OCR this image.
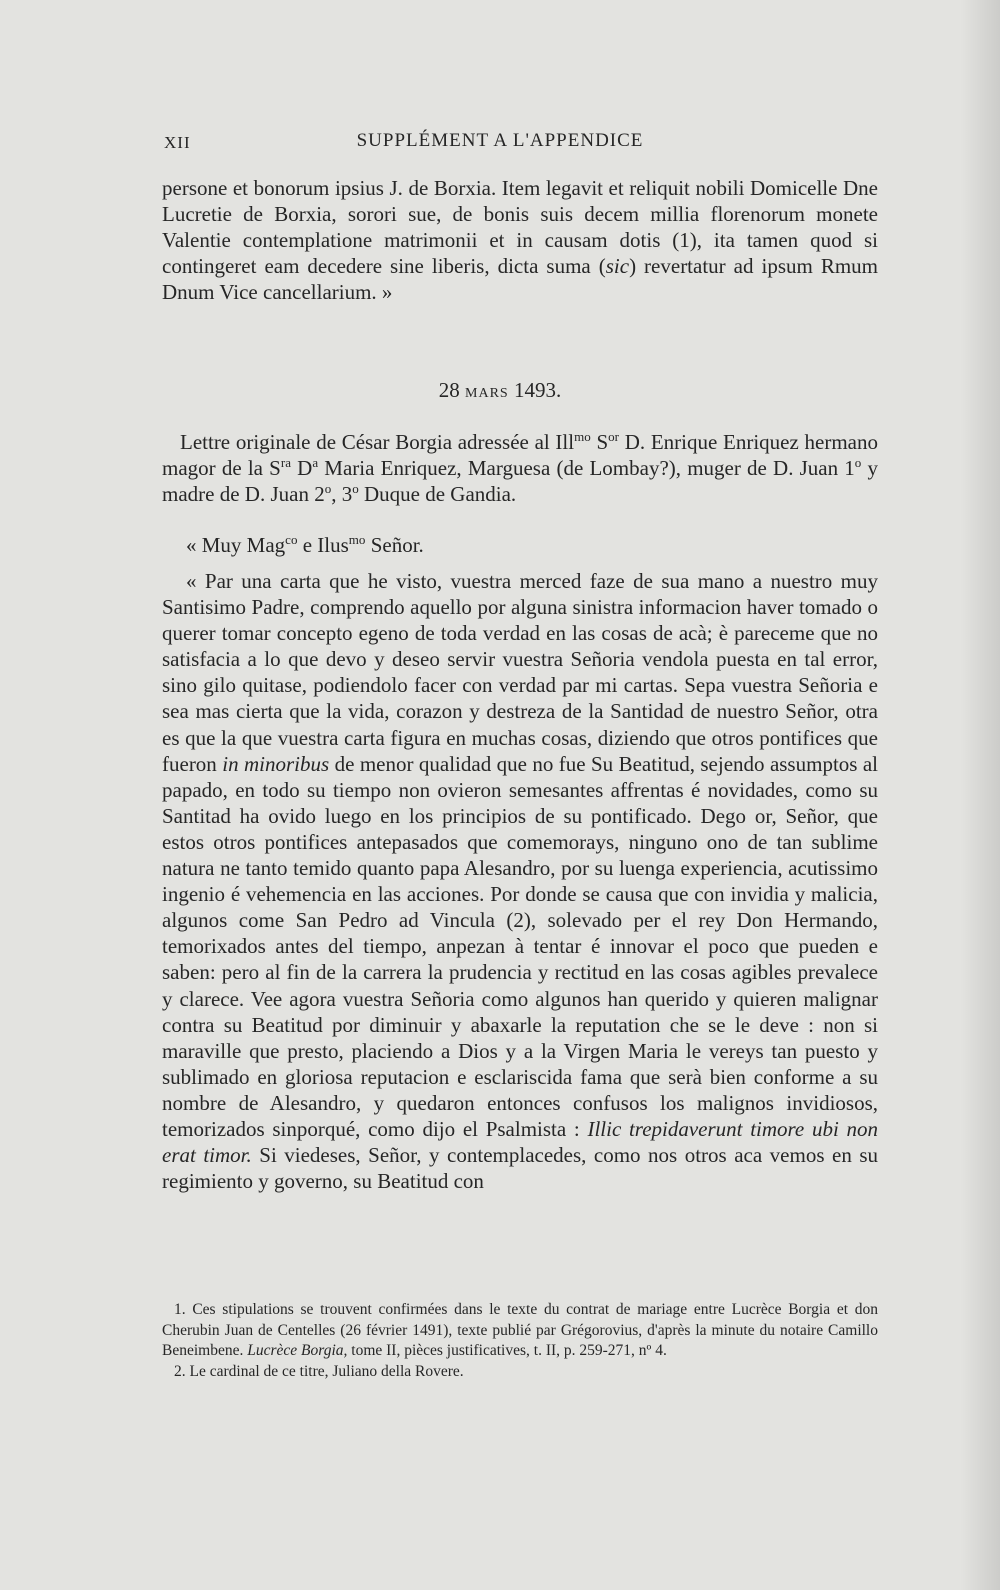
XII	SUPPLÉMENT A L'APPENDICE

persone et bonorum ipsius J. de Borxia. Item legavit et reliquit nobili Domicelle Dne Lucretie de Borxia, sorori sue, de bonis suis decem millia florenorum monete Valentie contemplatione matrimonii et in causam dotis (1), ita tamen quod si contingeret eam decedere sine liberis, dicta suma (sic) revertatur ad ipsum Rmum Dnum Vice cancellarium. »

28 MARS 1493.

Lettre originale de César Borgia adressée al Ill$^{mo}$ $S^{or}$ D. Enrique Enriquez hermano magor de la $S^{ra}$ $D^a$ Maria Enriquez, Marguesa (de Lombay?), muger de D. Juan 1$^o$ y madre de D. Juan 2$^o$, 3$^o$ Duque de Gandia.

« Muy Mag$^{co}$ e Ilus$^{mo}$ Señor.

« Par una carta que he visto, vuestra merced faze de sua mano a nuestro muy Santisimo Padre, comprendo aquello por alguna sinistra informacion haver tomado o querer tomar concepto egeno de toda verdad en las cosas de acà; è pareceme que no satisfacia a lo que devo y deseo servir vuestra Señoria vendola puesta en tal error, sino gilo quitase, podiendolo facer con verdad par mi cartas. Sepa vuestra Señoria e sea mas cierta que la vida, corazon y destreza de la Santidad de nuestro Señor, otra es que la que vuestra carta figura en muchas cosas, diziendo que otros pontifices que fueron in minoribus de menor qualidad que no fue Su Beatitud, sejendo assumptos al papado, en todo su tiempo non ovieron semesantes affrentas é novidades, como su Santitad ha ovido luego en los principios de su pontificado. Dego or, Señor, que estos otros pontifices antepasados que comemorays, ninguno ono de tan sublime natura ne tanto temido quanto papa Alesandro, por su luenga experiencia, acutissimo ingenio é vehemencia en las acciones. Por donde se causa que con invidia y malicia, algunos come San Pedro ad Vincula (2), solevado per el rey Don Hermando, temorixados antes del tiempo, anpezan à tentar é innovar el poco que pueden e saben: pero al fin de la carrera la prudencia y rectitud en las cosas agibles prevalece y clarece. Vee agora vuestra Señoria como algunos han querido y quieren malignar contra su Beatitud por diminuir y abaxarle la reputation che se le deve : non si maraville que presto, placiendo a Dios y a la Virgen Maria le vereys tan puesto y sublimado en gloriosa reputacion e esclariscida fama que serà bien conforme a su nombre de Alesandro, y quedaron entonces confusos los malignos invidiosos, temorizados sinporqué, como dijo el Psalmista : Illic trepidaverunt timore ubi non erat timor. Si viedeses, Señor, y contemplacedes, como nos otros aca vemos en su regimiento y governo, su Beatitud con

1. Ces stipulations se trouvent confirmées dans le texte du contrat de mariage entre Lucrèce Borgia et don Cherubin Juan de Centelles (26 février 1491), texte publié par Grégorovius, d'après la minute du notaire Camillo Beneimbene. Lucrèce Borgia, tome II, pièces justificatives, t. II, p. 259-271, nº 4.

2. Le cardinal de ce titre, Juliano della Rovere.
